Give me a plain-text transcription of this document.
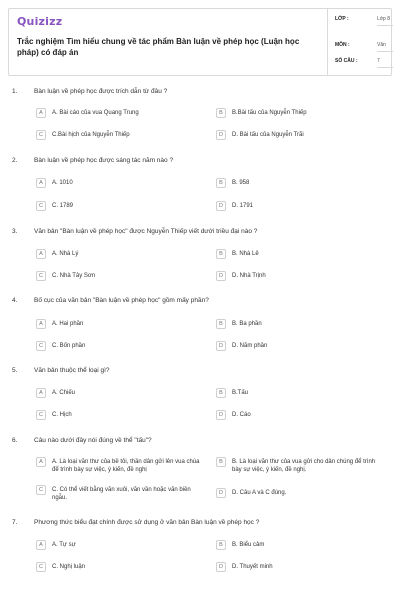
Quizizz
Trắc nghiệm Tìm hiểu chung về tác phẩm Bàn luận về phép học (Luận học pháp) có đáp án
LỚP :	Lớp 8
MÔN :	Văn
SỐ CÂU :	7
1.	Bàn luận về phép học được trích dẫn từ đâu ?
A	A. Bài cáo của vua Quang Trung	B	B.Bài tấu của Nguyễn Thiếp
C	C.Bài hịch của Nguyễn Thiếp	D	D. Bài tấu của Nguyễn Trãi
2.	Bàn luận về phép học được sáng tác năm nào ?
A	A. 1010	B	B. 958
C	C. 1789	D	D. 1791
3.	Văn bản "Bàn luận về phép học" được Nguyễn Thiếp viết dưới triều đại nào ?
A	A. Nhà Lý	B	B. Nhà Lê
C	C. Nhà Tây Sơn	D	D. Nhà Trịnh
4.	Bố cục của văn bản "Bàn luận về phép học" gồm mấy phần?
A	A. Hai phần	B	B. Ba phần
C	C. Bốn phần	D	D. Năm phần
5.	Văn bản thuộc thể loại gì?
A	A. Chiếu	B	B.Tấu
C	C. Hịch	D	D. Cáo
6.	Câu nào dưới đây nói đúng về thể "tấu"?
A	A. Là loại văn thư của bề tôi, thần dân gửi lên vua chúa để trình bày sự việc, ý kiến, đề nghị
B	B. Là loại văn thư của vua gửi cho dân chúng để trình bày sự việc, ý kiến, đề nghị.
C	C. Có thể viết bằng văn xuôi, văn vần hoặc văn biền ngẫu.
D	D. Câu A và C đúng.
7.	Phương thức biểu đạt chính được sử dụng ở văn bản Bàn luận về phép học ?
A	A. Tự sự	B	B. Biểu cảm
C	C. Nghị luận	D	D. Thuyết minh
